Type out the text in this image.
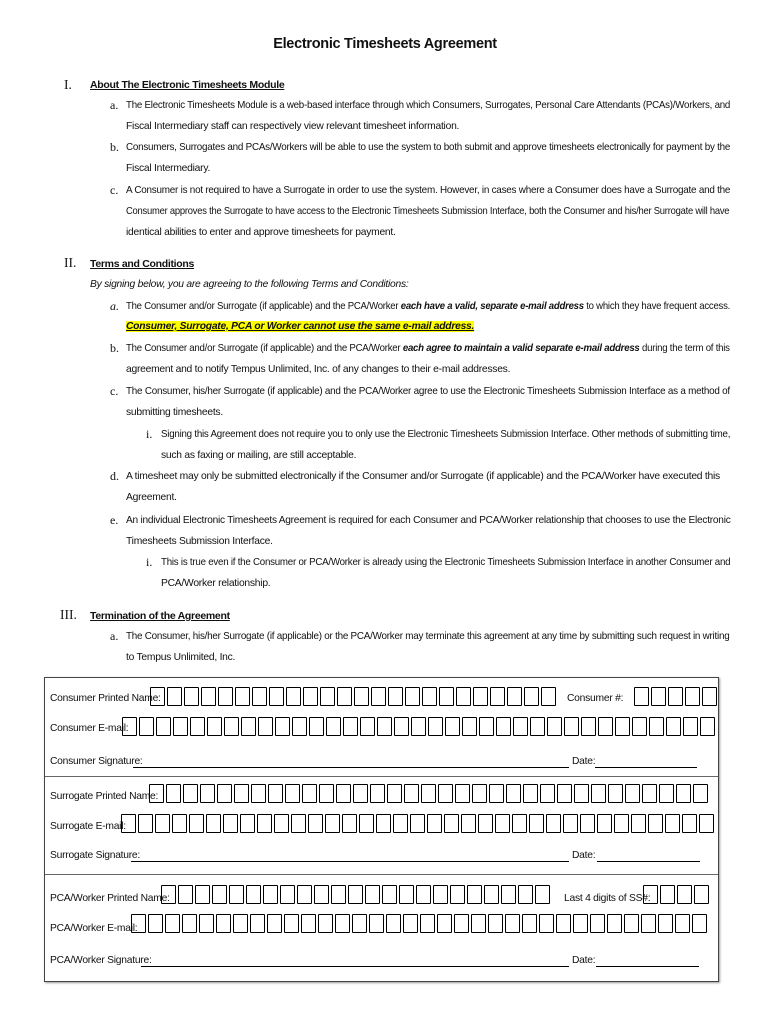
Electronic Timesheets Agreement
I. About The Electronic Timesheets Module
a. The Electronic Timesheets Module is a web-based interface through which Consumers, Surrogates, Personal Care Attendants (PCAs)/Workers, and
Fiscal Intermediary staff can respectively view relevant timesheet information.
b. Consumers, Surrogates and PCAs/Workers will be able to use the system to both submit and approve timesheets electronically for payment by the
Fiscal Intermediary.
c. A Consumer is not required to have a Surrogate in order to use the system. However, in cases where a Consumer does have a Surrogate and the
Consumer approves the Surrogate to have access to the Electronic Timesheets Submission Interface, both the Consumer and his/her Surrogate will have
identical abilities to enter and approve timesheets for payment.
II. Terms and Conditions
By signing below, you are agreeing to the following Terms and Conditions:
a. The Consumer and/or Surrogate (if applicable) and the PCA/Worker each have a valid, separate e-mail address to which they have frequent access.
Consumer, Surrogate, PCA or Worker cannot use the same e-mail address.
b. The Consumer and/or Surrogate (if applicable) and the PCA/Worker each agree to maintain a valid separate e-mail address during the term of this
agreement and to notify Tempus Unlimited, Inc. of any changes to their e-mail addresses.
c. The Consumer, his/her Surrogate (if applicable) and the PCA/Worker agree to use the Electronic Timesheets Submission Interface as a method of
submitting timesheets.
i. Signing this Agreement does not require you to only use the Electronic Timesheets Submission Interface. Other methods of submitting time,
such as faxing or mailing, are still acceptable.
d. A timesheet may only be submitted electronically if the Consumer and/or Surrogate (if applicable) and the PCA/Worker have executed this
Agreement.
e. An individual Electronic Timesheets Agreement is required for each Consumer and PCA/Worker relationship that chooses to use the Electronic
Timesheets Submission Interface.
i. This is true even if the Consumer or PCA/Worker is already using the Electronic Timesheets Submission Interface in another Consumer and
PCA/Worker relationship.
III. Termination of the Agreement
a. The Consumer, his/her Surrogate (if applicable) or the PCA/Worker may terminate this agreement at any time by submitting such request in writing
to Tempus Unlimited, Inc.
Consumer Printed Name:	Consumer #:
Consumer E-mail:
Consumer Signature:	Date:
Surrogate Printed Name:
Surrogate E-mail:
Surrogate Signature:	Date:
PCA/Worker Printed Name:	Last 4 digits of SS#:
PCA/Worker E-mail:
PCA/Worker Signature:	Date:
